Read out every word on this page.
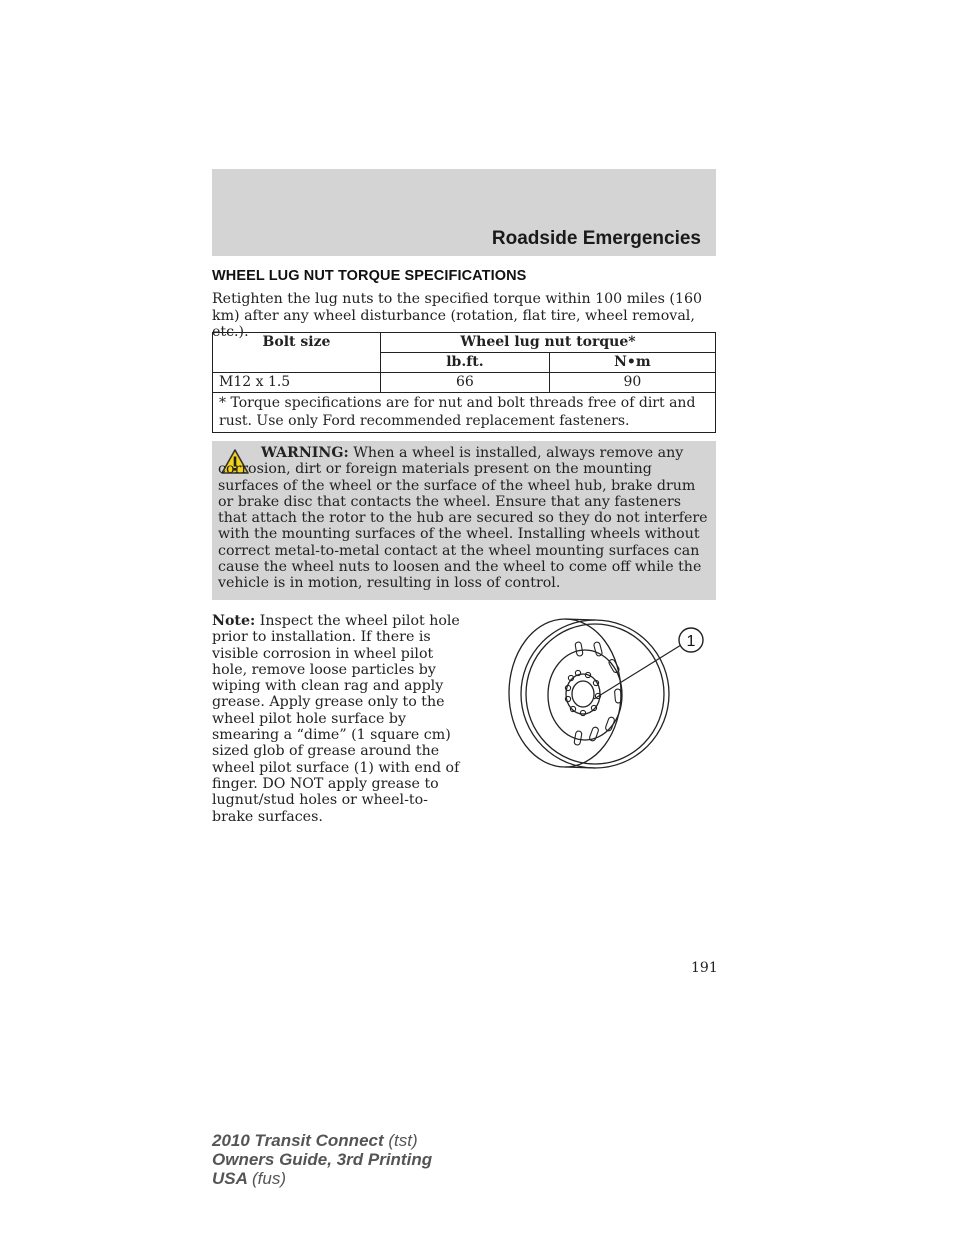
Roadside Emergencies
WHEEL LUG NUT TORQUE SPECIFICATIONS
Retighten the lug nuts to the specified torque within 100 miles (160 km) after any wheel disturbance (rotation, flat tire, wheel removal, etc.).
Bolt size	Wheel lug nut torque*	
	lb.ft.	N•m
M12 x 1.5	66	90
* Torque specifications are for nut and bolt threads free of dirt and rust. Use only Ford recommended replacement fasteners.		
WARNING: When a wheel is installed, always remove any corrosion, dirt or foreign materials present on the mounting surfaces of the wheel or the surface of the wheel hub, brake drum or brake disc that contacts the wheel. Ensure that any fasteners that attach the rotor to the hub are secured so they do not interfere with the mounting surfaces of the wheel. Installing wheels without correct metal-to-metal contact at the wheel mounting surfaces can cause the wheel nuts to loosen and the wheel to come off while the vehicle is in motion, resulting in loss of control.
Note: Inspect the wheel pilot hole prior to installation. If there is visible corrosion in wheel pilot hole, remove loose particles by wiping with clean rag and apply grease. Apply grease only to the wheel pilot hole surface by smearing a “dime” (1 square cm) sized glob of grease around the wheel pilot surface (1) with end of finger. DO NOT apply grease to lugnut/stud holes or wheel-to-brake surfaces.
1
191
2010 Transit Connect (tst)
Owners Guide, 3rd Printing
USA (fus)
